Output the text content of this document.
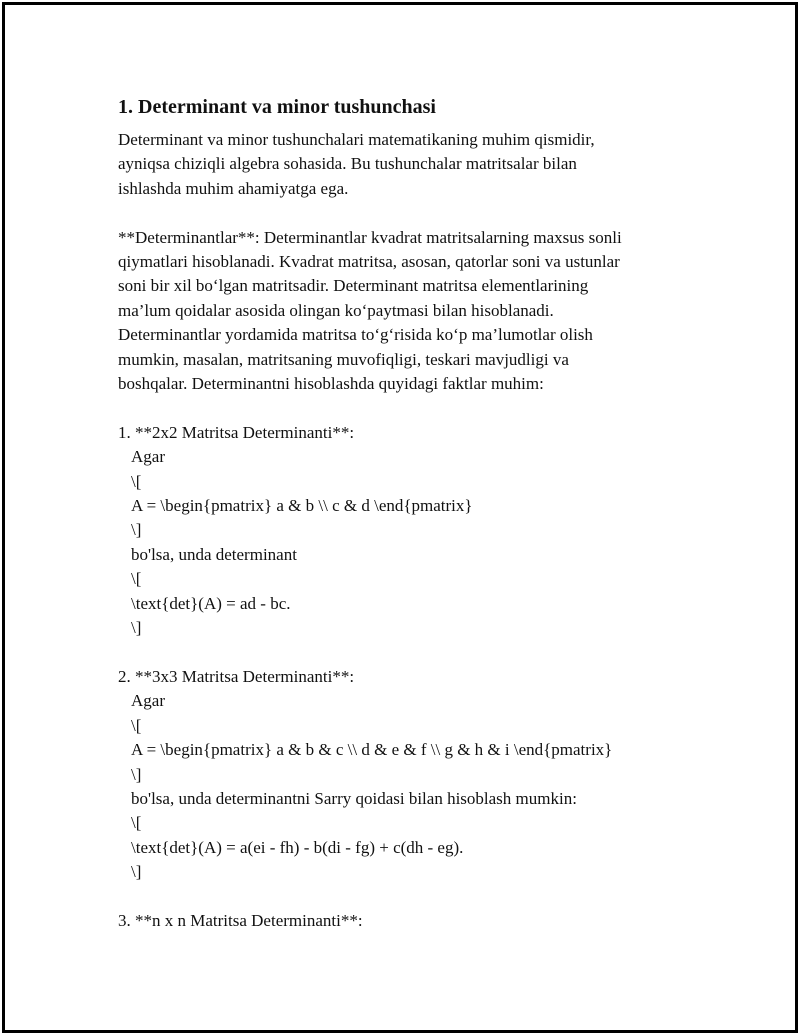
1. Determinant va minor tushunchasi
Determinant va minor tushunchalari matematikaning muhim qismidir,
ayniqsa chiziqli algebra sohasida. Bu tushunchalar matritsalar bilan
ishlashda muhim ahamiyatga ega.
**Determinantlar**: Determinantlar kvadrat matritsalarning maxsus sonli
qiymatlari hisoblanadi. Kvadrat matritsa, asosan, qatorlar soni va ustunlar
soni bir xil bo‘lgan matritsadir. Determinant matritsa elementlarining
ma’lum qoidalar asosida olingan ko‘paytmasi bilan hisoblanadi.
Determinantlar yordamida matritsa to‘g‘risida ko‘p ma’lumotlar olish
mumkin, masalan, matritsaning muvofiqligi, teskari mavjudligi va
boshqalar. Determinantni hisoblashda quyidagi faktlar muhim:
1. **2x2 Matritsa Determinanti**:
Agar
\[
A = \begin{pmatrix} a & b \\ c & d \end{pmatrix}
\]
bo'lsa, unda determinant
\[
\text{det}(A) = ad - bc.
\]
2. **3x3 Matritsa Determinanti**:
Agar
\[
A = \begin{pmatrix} a & b & c \\ d & e & f \\ g & h & i \end{pmatrix}
\]
bo'lsa, unda determinantni Sarry qoidasi bilan hisoblash mumkin:
\[
\text{det}(A) = a(ei - fh) - b(di - fg) + c(dh - eg).
\]
3. **n x n Matritsa Determinanti**:
